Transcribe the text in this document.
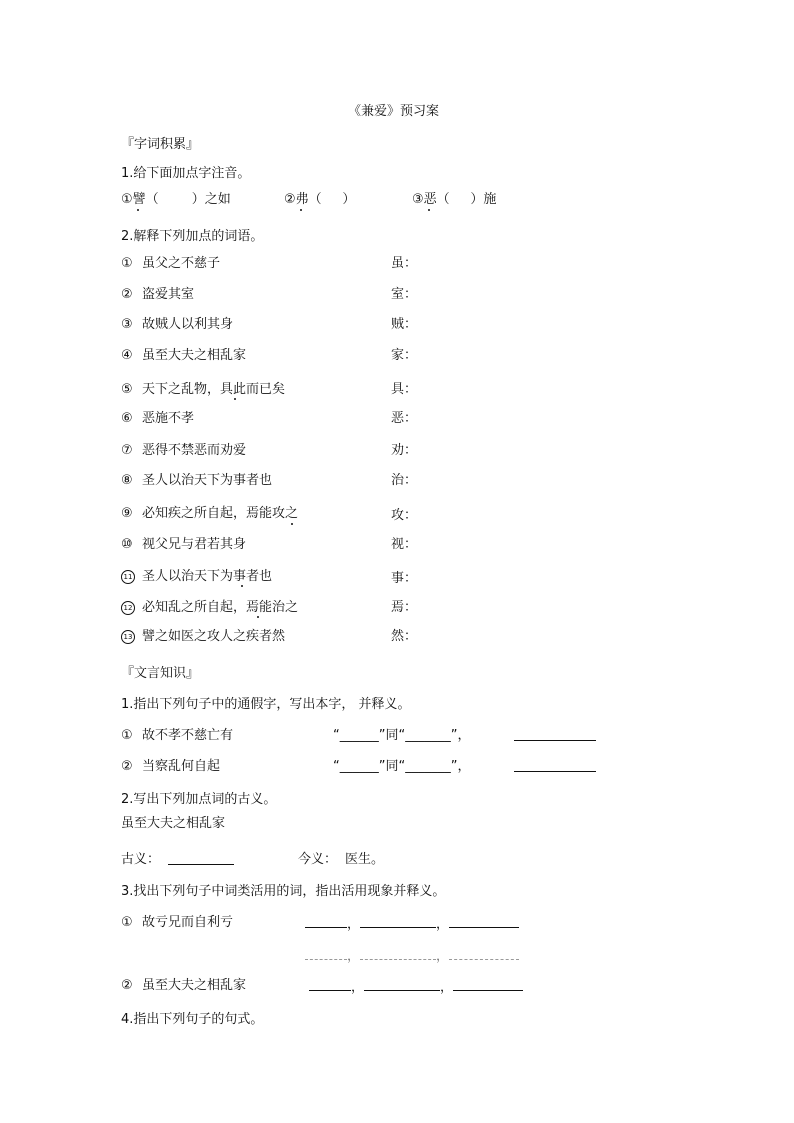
《兼爱》预习案
『字词积累』
1.给下面加点字注音。
①譬（        ）之如	②弗（     ）	③恶（     ）施
2.解释下列加点的词语。
① 虽父之不慈子	虽：
② 盗爱其室	室：
③ 故贼人以利其身	贼：
④ 虽至大夫之相乱家	家：
⑤ 天下之乱物，具此而已矣	具：
⑥ 恶施不孝	恶：
⑦ 恶得不禁恶而劝爱	劝：
⑧ 圣人以治天下为事者也	治：
⑨ 必知疾之所自起，焉能攻之	攻：
⑩ 视父兄与君若其身	视：
11 圣人以治天下为事者也	事：
12 必知乱之所自起，焉能治之	焉：
13 譬之如医之攻人之疾者然	然：
『文言知识』
1.指出下列句子中的通假字，写出本字， 并释义。
① 故不孝不慈亡有	“______”同“_______”，
② 当察乱何自起	“______”同“_______”，
2.写出下列加点词的古义。
虽至大夫之相乱家
古义：	今义： 医生。
3.找出下列句子中词类活用的词，指出活用现象并释义。
① 故亏兄而自利亏	，	，
，	，
② 虽至大夫之相乱家	，	，
4.指出下列句子的句式。
